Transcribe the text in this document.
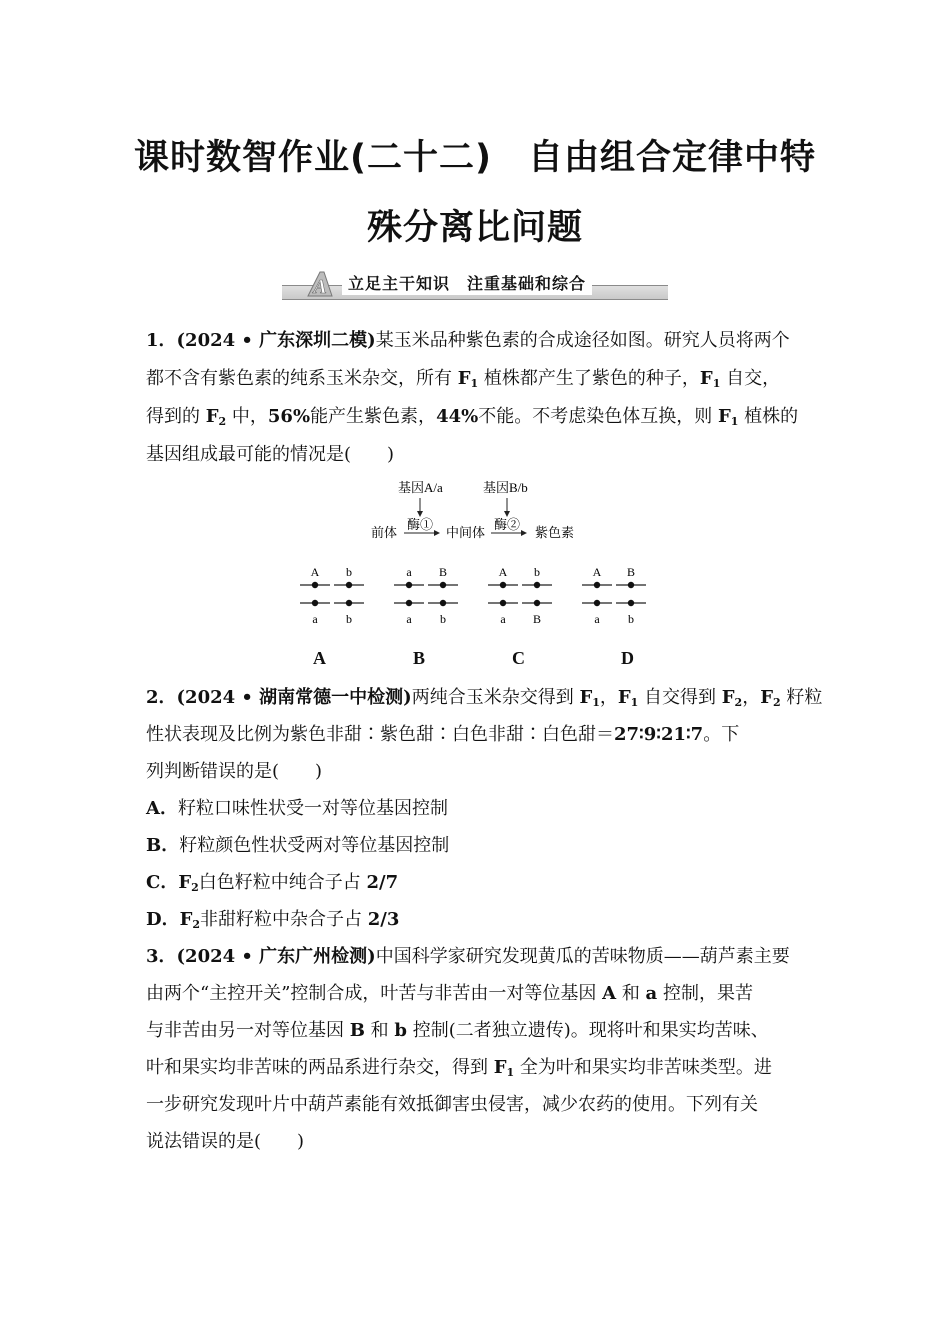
课时数智作业(二十二)　自由组合定律中特
殊分离比问题
A	立足主干知识　注重基础和综合
1．(2024 • 广东深圳二模)某玉米品种紫色素的合成途径如图。研究人员将两个
都不含有紫色素的纯系玉米杂交，所有 $F_1$ 植株都产生了紫色的种子，$F_1$ 自交，
得到的 $F_2$ 中，56%能产生紫色素，44%不能。不考虑染色体互换，则 $F_1$ 植株的
基因组成最可能的情况是(　　)
基因A/a	基因B/b
前体
酶①
中间体
酶②
紫色素
A
a
b
b
a
a
B
b
A
a
b
B
A
a
B
b
A	B	C	D
2．(2024 • 湖南常德一中检测)两纯合玉米杂交得到 $F_1$，$F_1$ 自交得到 $F_2$，$F_2$ 籽粒
性状表现及比例为紫色非甜∶紫色甜∶白色非甜∶白色甜＝27∶9∶21∶7。下
列判断错误的是(　　)
A．籽粒口味性状受一对等位基因控制
B．籽粒颜色性状受两对等位基因控制
C．$F_2$白色籽粒中纯合子占 2/7
D．$F_2$非甜籽粒中杂合子占 2/3
3．(2024 • 广东广州检测)中国科学家研究发现黄瓜的苦味物质——葫芦素主要
由两个“主控开关”控制合成，叶苦与非苦由一对等位基因 A 和 a 控制，果苦
与非苦由另一对等位基因 B 和 b 控制(二者独立遗传)。现将叶和果实均苦味、
叶和果实均非苦味的两品系进行杂交，得到 $F_1$ 全为叶和果实均非苦味类型。进
一步研究发现叶片中葫芦素能有效抵御害虫侵害，减少农药的使用。下列有关
说法错误的是(　　)
